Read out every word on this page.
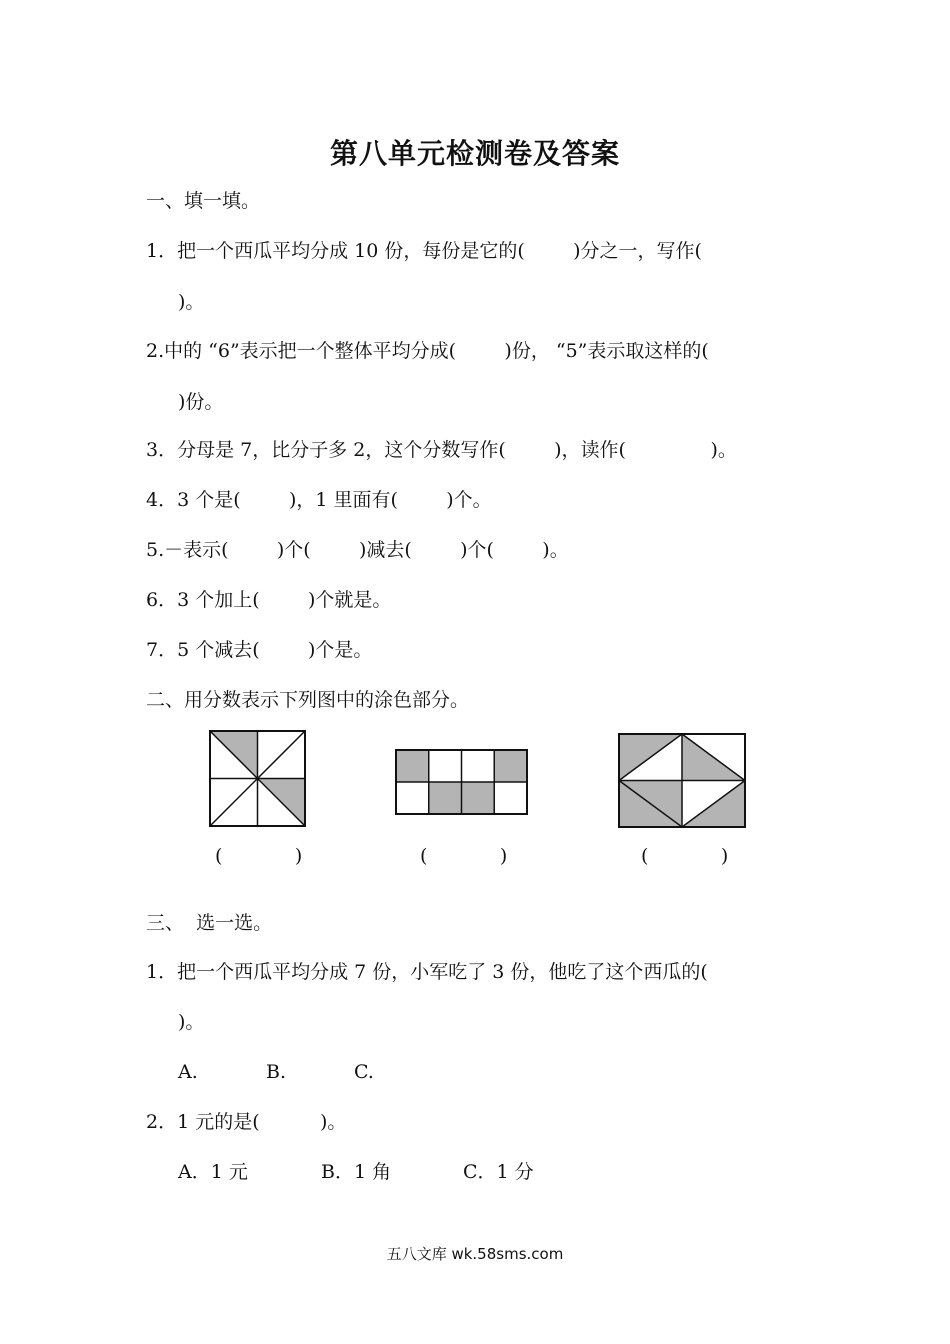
第八单元检测卷及答案
一、填一填。
1．把一个西瓜平均分成 10 份，每份是它的(        )分之一，写作(
)。
2.中的 “6”表示把一个整体平均分成(        )份， “5”表示取这样的(
)份。
3．分母是 7，比分子多 2，这个分数写作(        )，读作(              )。
4．3 个是(        )，1 里面有(        )个。
5.－表示(        )个(        )减去(        )个(        )。
6．3 个加上(        )个就是。
7．5 个减去(        )个是。
二、用分数表示下列图中的涂色部分。
(            )	(            )	(            )
三、  选一选。
1．把一个西瓜平均分成 7 份，小军吃了 3 份，他吃了这个西瓜的(
)。
A.	B.	C.
2．1 元的是(          )。
A．1 元	B．1 角	C．1 分
五八文库 wk.58sms.com
